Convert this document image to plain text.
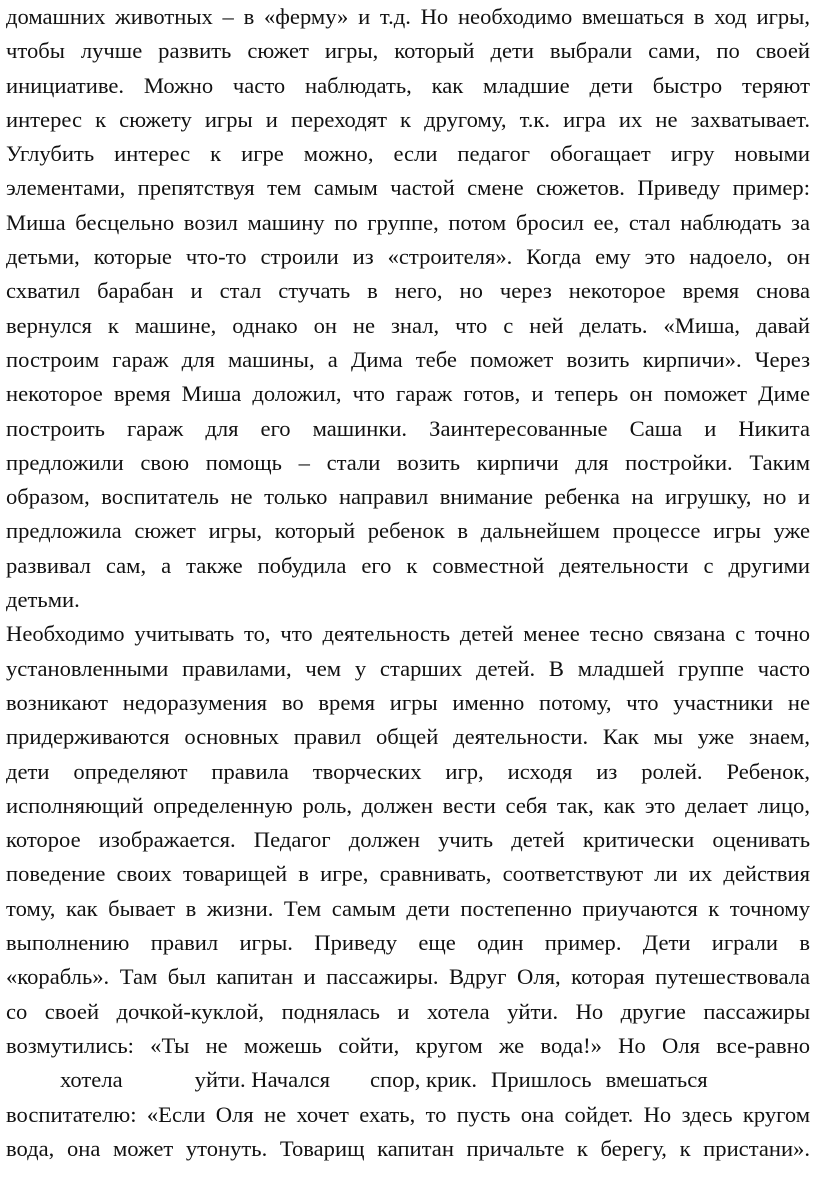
домашних животных – в «ферму» и т.д. Но необходимо вмешаться в ход игры,
чтобы лучше развить сюжет игры, который дети выбрали сами, по своей
инициативе. Можно часто наблюдать, как младшие дети быстро теряют
интерес к сюжету игры и переходят к другому, т.к. игра их не захватывает.
Углубить интерес к игре можно, если педагог обогащает игру новыми
элементами, препятствуя тем самым частой смене сюжетов. Приведу пример:
Миша бесцельно возил машину по группе, потом бросил ее, стал наблюдать за
детьми, которые что-то строили из «строителя». Когда ему это надоело, он
схватил барабан и стал стучать в него, но через некоторое время снова
вернулся к машине, однако он не знал, что с ней делать. «Миша, давай
построим гараж для машины, а Дима тебе поможет возить кирпичи». Через
некоторое время Миша доложил, что гараж готов, и теперь он поможет Диме
построить гараж для его машинки. Заинтересованные Саша и Никита
предложили свою помощь – стали возить кирпичи для постройки. Таким
образом, воспитатель не только направил внимание ребенка на игрушку, но и
предложила сюжет игры, который ребенок в дальнейшем процессе игры уже
развивал сам, а также побудила его к совместной деятельности с другими
детьми.
Необходимо учитывать то, что деятельность детей менее тесно связана с точно
установленными правилами, чем у старших детей. В младшей группе часто
возникают недоразумения во время игры именно потому, что участники не
придерживаются основных правил общей деятельности. Как мы уже знаем,
дети определяют правила творческих игр, исходя из ролей. Ребенок,
исполняющий определенную роль, должен вести себя так, как это делает лицо,
которое изображается. Педагог должен учить детей критически оценивать
поведение своих товарищей в игре, сравнивать, соответствуют ли их действия
тому, как бывает в жизни. Тем самым дети постепенно приучаются к точному
выполнению правил игры. Приведу еще один пример. Дети играли в
«корабль». Там был капитан и пассажиры. Вдруг Оля, которая путешествовала
со своей дочкой-куклой, поднялась и хотела уйти. Но другие пассажиры
возмутились: «Ты не можешь сойти, кругом же вода!» Но Оля все-равно
хотела	уйти. Начался спор, крик. Пришлось вмешаться
воспитателю: «Если Оля не хочет ехать, то пусть она сойдет. Но здесь кругом
вода, она может утонуть. Товарищ капитан причальте к берегу, к пристани».
